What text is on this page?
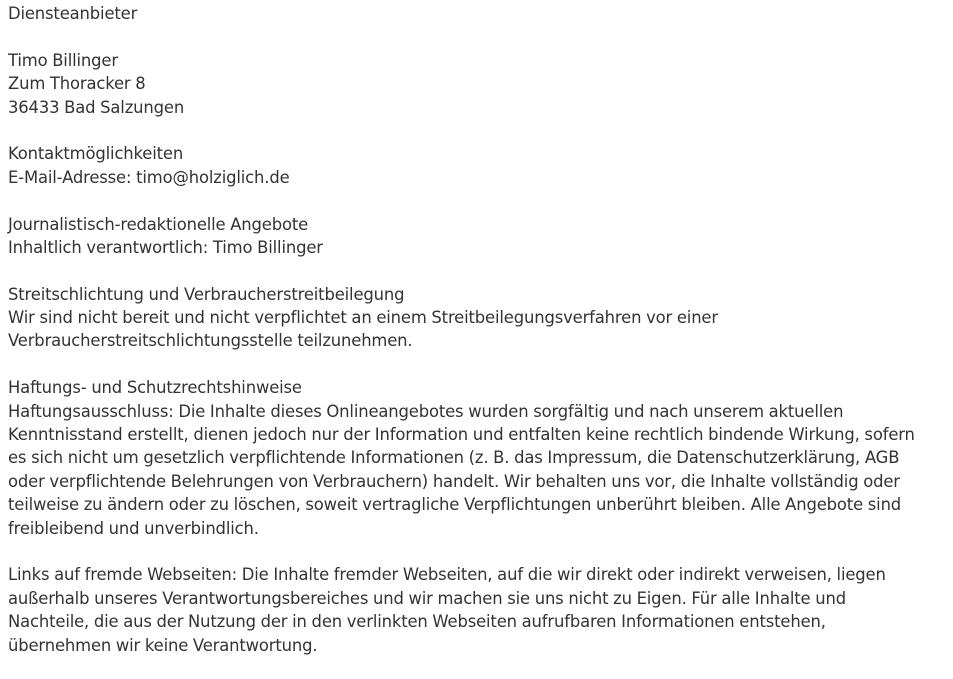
Diensteanbieter
Timo Billinger
Zum Thoracker 8
36433 Bad Salzungen
Kontaktmöglichkeiten
E-Mail-Adresse: timo@holziglich.de
Journalistisch-redaktionelle Angebote
Inhaltlich verantwortlich: Timo Billinger
Streitschlichtung und Verbraucherstreitbeilegung
Wir sind nicht bereit und nicht verpflichtet an einem Streitbeilegungsverfahren vor einer
Verbraucherstreitschlichtungsstelle teilzunehmen.
Haftungs- und Schutzrechtshinweise
Haftungsausschluss: Die Inhalte dieses Onlineangebotes wurden sorgfältig und nach unserem aktuellen
Kenntnisstand erstellt, dienen jedoch nur der Information und entfalten keine rechtlich bindende Wirkung, sofern
es sich nicht um gesetzlich verpflichtende Informationen (z. B. das Impressum, die Datenschutzerklärung, AGB
oder verpflichtende Belehrungen von Verbrauchern) handelt. Wir behalten uns vor, die Inhalte vollständig oder
teilweise zu ändern oder zu löschen, soweit vertragliche Verpflichtungen unberührt bleiben. Alle Angebote sind
freibleibend und unverbindlich.
Links auf fremde Webseiten: Die Inhalte fremder Webseiten, auf die wir direkt oder indirekt verweisen, liegen
außerhalb unseres Verantwortungsbereiches und wir machen sie uns nicht zu Eigen. Für alle Inhalte und
Nachteile, die aus der Nutzung der in den verlinkten Webseiten aufrufbaren Informationen entstehen,
übernehmen wir keine Verantwortung.
